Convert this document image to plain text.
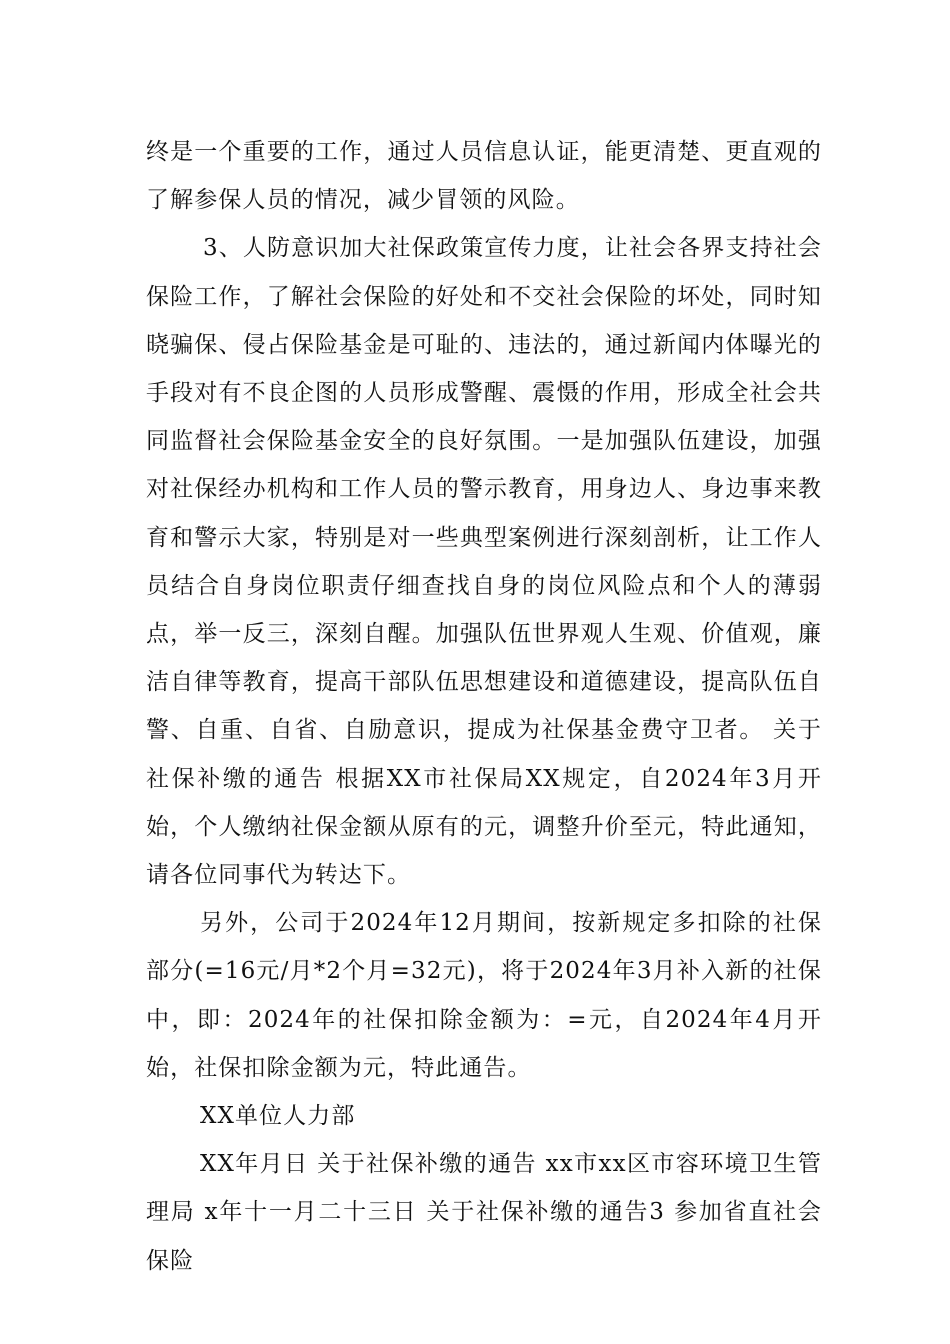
终是一个重要的工作，通过人员信息认证，能更清楚、更直观的了解参保人员的情况，减少冒领的风险。

3、人防意识加大社保政策宣传力度，让社会各界支持社会保险工作，了解社会保险的好处和不交社会保险的坏处，同时知晓骗保、侵占保险基金是可耻的、违法的，通过新闻内体曝光的手段对有不良企图的人员形成警醒、震慑的作用，形成全社会共同监督社会保险基金安全的良好氛围。一是加强队伍建设，加强对社保经办机构和工作人员的警示教育，用身边人、身边事来教育和警示大家，特别是对一些典型案例进行深刻剖析，让工作人员结合自身岗位职责仔细查找自身的岗位风险点和个人的薄弱点，举一反三，深刻自醒。加强队伍世界观人生观、价值观，廉洁自律等教育，提高干部队伍思想建设和道德建设，提高队伍自警、自重、自省、自励意识，提成为社保基金费守卫者。 关于社保补缴的通告 根据XX市社保局XX规定，自2024年3月开始，个人缴纳社保金额从原有的元，调整升价至元，特此通知，请各位同事代为转达下。

另外，公司于2024年12月期间，按新规定多扣除的社保部分(=16元/月*2个月=32元)，将于2024年3月补入新的社保中，即：2024年的社保扣除金额为：=元，自2024年4月开始，社保扣除金额为元，特此通告。

XX单位人力部

XX年月日 关于社保补缴的通告 xx市xx区市容环境卫生管理局 x年十一月二十三日 关于社保补缴的通告3 参加省直社会保险
